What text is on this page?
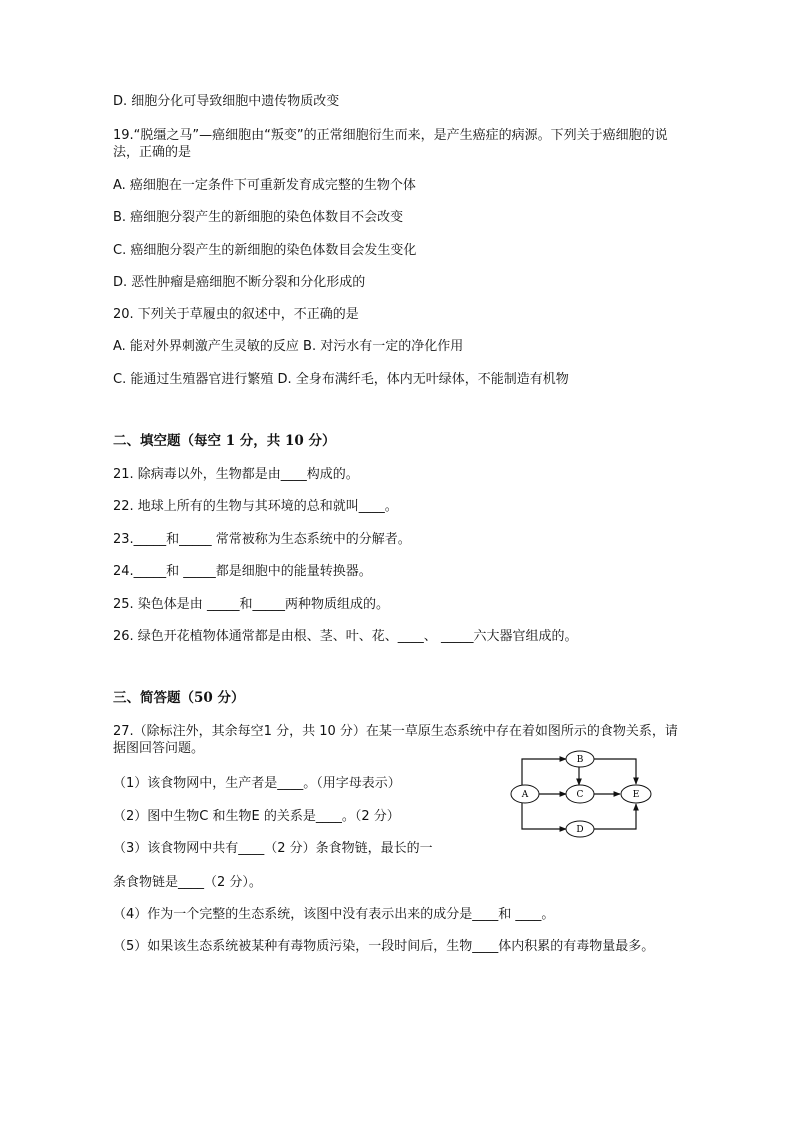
D. 细胞分化可导致细胞中遗传物质改变
19.“脱缰之马”—癌细胞由“叛变”的正常细胞衍生而来，是产生癌症的病源。下列关于癌细胞的说法，正确的是
A. 癌细胞在一定条件下可重新发育成完整的生物个体
B. 癌细胞分裂产生的新细胞的染色体数目不会改变
C. 癌细胞分裂产生的新细胞的染色体数目会发生变化
D. 恶性肿瘤是癌细胞不断分裂和分化形成的
20. 下列关于草履虫的叙述中，不正确的是
A. 能对外界刺激产生灵敏的反应 B. 对污水有一定的净化作用
C. 能通过生殖器官进行繁殖 D. 全身布满纤毛，体内无叶绿体，不能制造有机物
二、填空题（每空 1 分，共 10 分）
21. 除病毒以外，生物都是由____构成的。
22. 地球上所有的生物与其环境的总和就叫____。
23._____和_____ 常常被称为生态系统中的分解者。
24._____和 _____都是细胞中的能量转换器。
25. 染色体是由 _____和_____两种物质组成的。
26. 绿色开花植物体通常都是由根、茎、叶、花、____、 _____六大器官组成的。
三、简答题（50 分）
27.（除标注外，其余每空1 分，共 10 分）在某一草原生态系统中存在着如图所示的食物关系，请据图回答问题。
（1）该食物网中，生产者是____。（用字母表示）
（2）图中生物C 和生物E 的关系是____。（2 分）
（3）该食物网中共有____（2 分）条食物链，最长的一
条食物链是____（2 分）。
（4）作为一个完整的生态系统，该图中没有表示出来的成分是____和 ____。
（5）如果该生态系统被某种有毒物质污染，一段时间后，生物____体内积累的有毒物量最多。
A
B
C
D
E
